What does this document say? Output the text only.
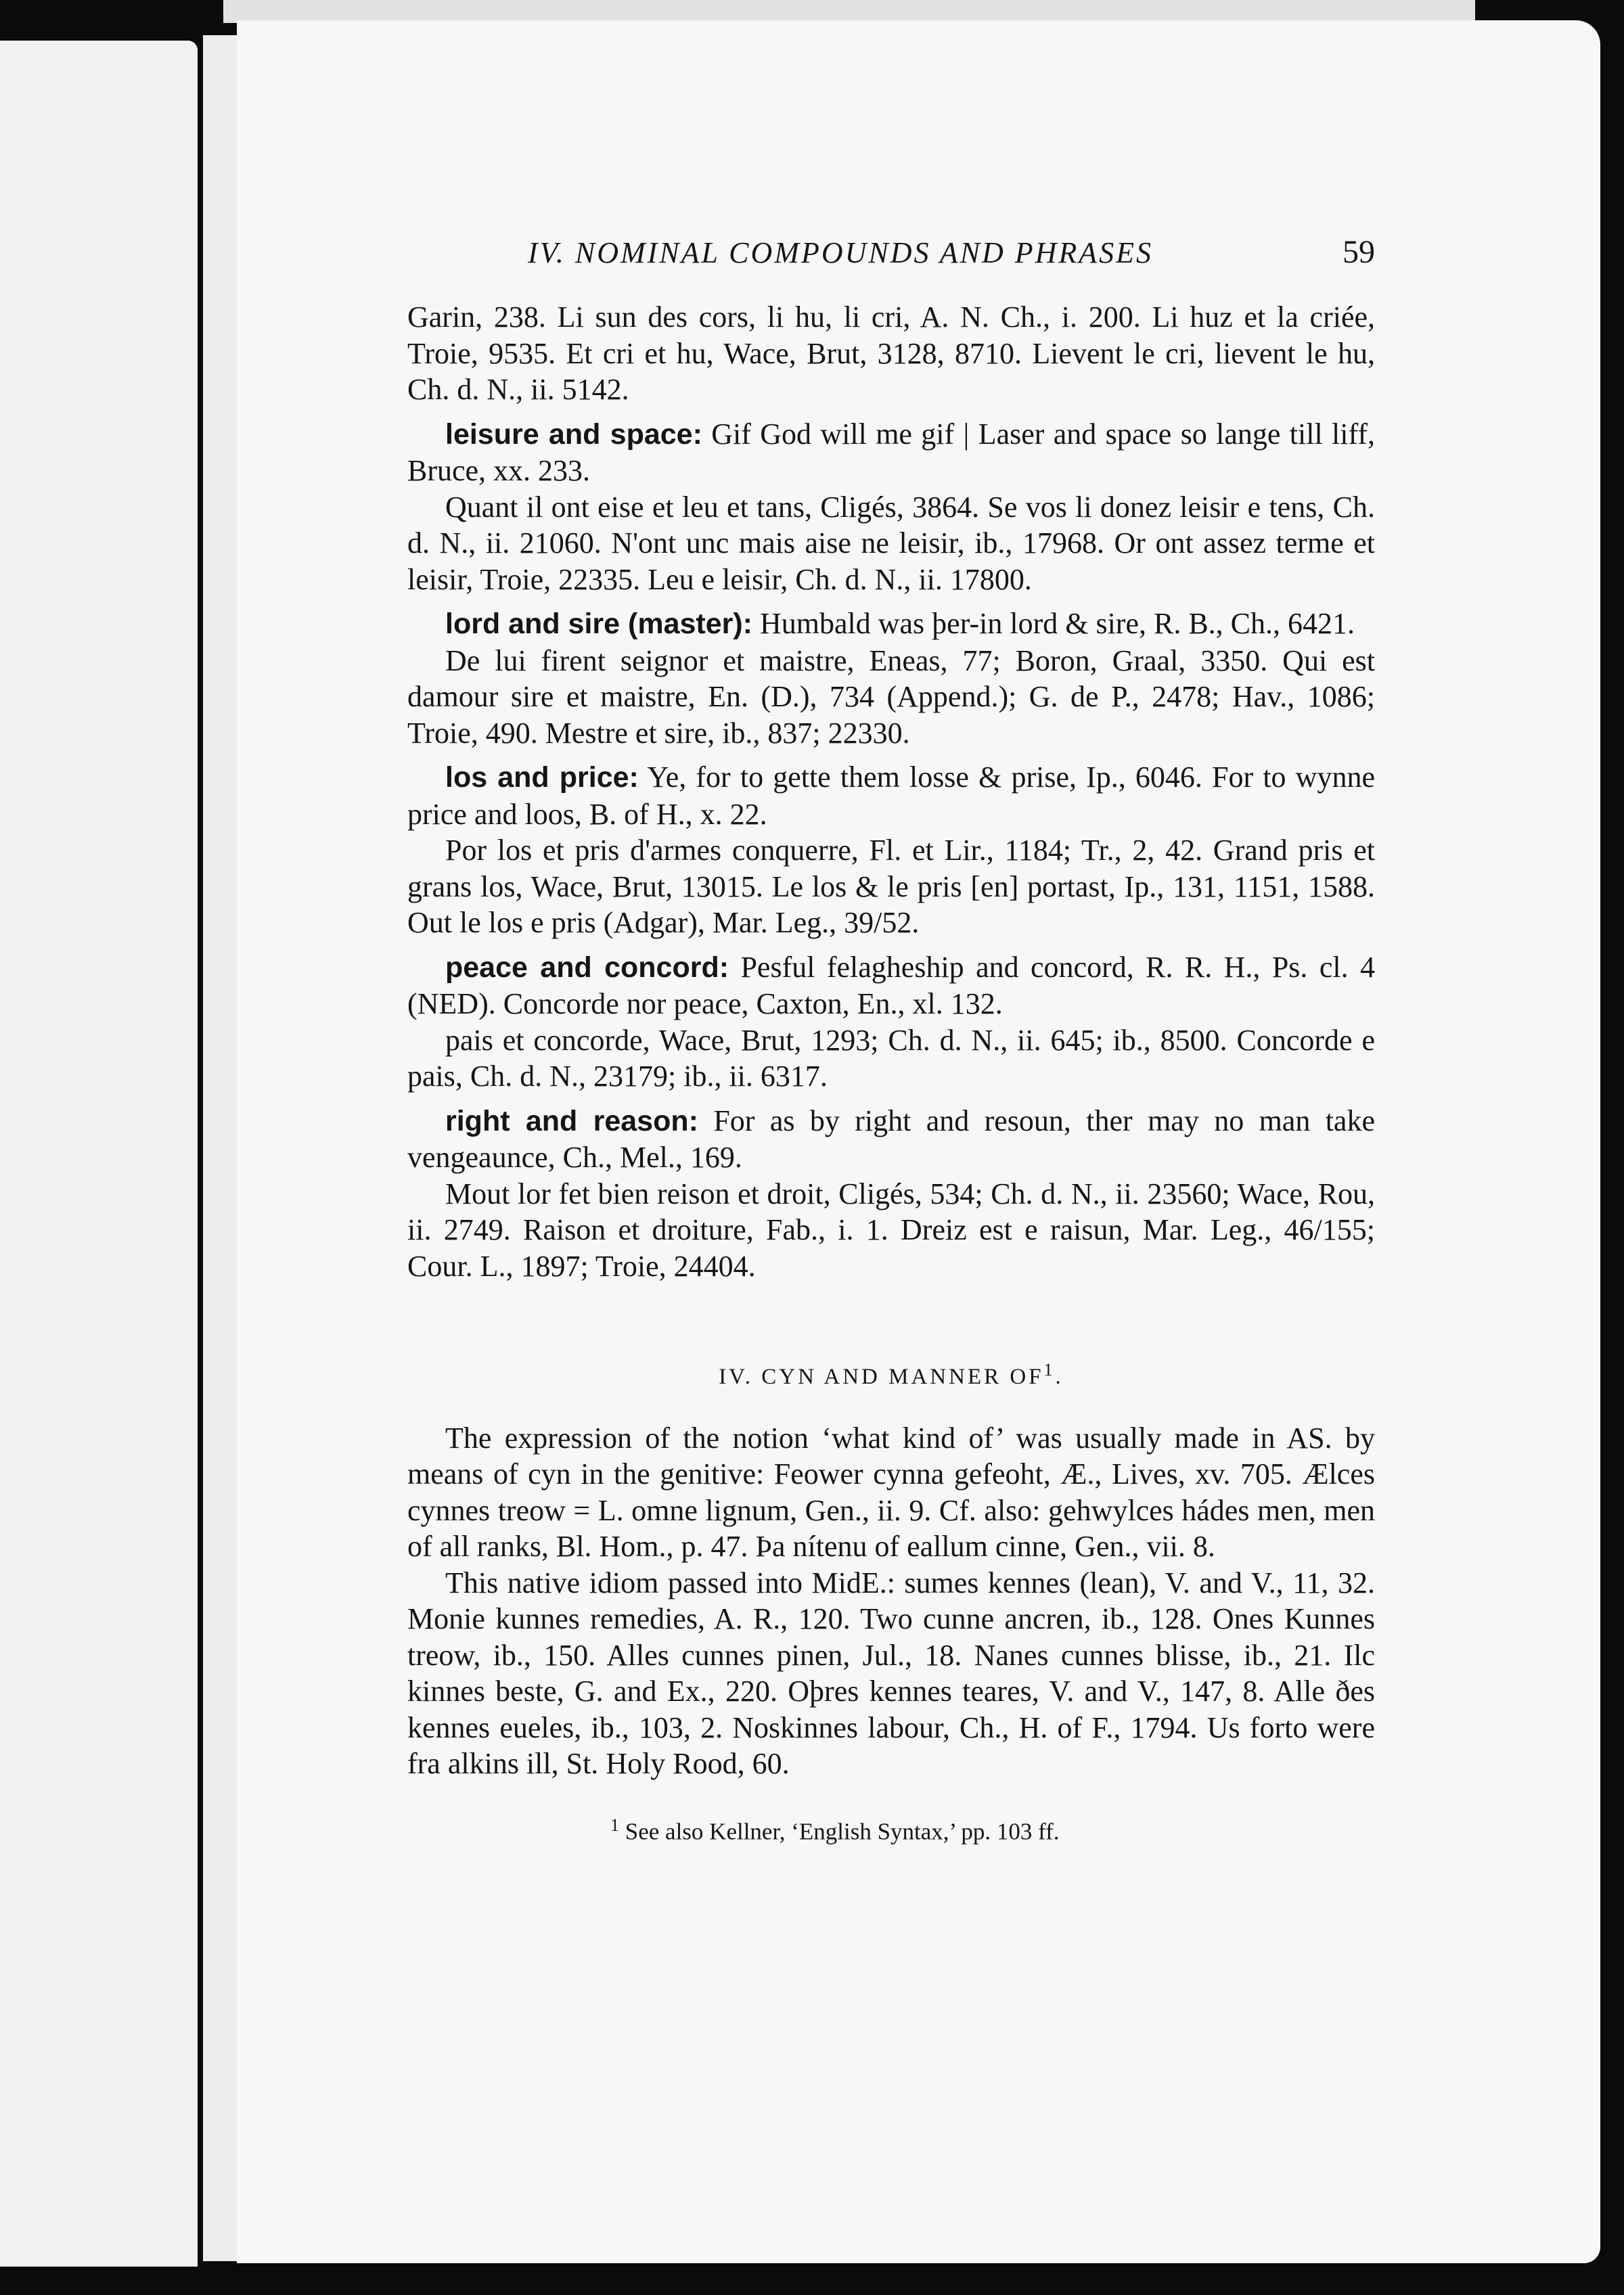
IV. NOMINAL COMPOUNDS AND PHRASES	59

Garin, 238. Li sun des cors, li hu, li cri, A. N. Ch., i. 200. Li huz et la criée, Troie, 9535. Et cri et hu, Wace, Brut, 3128, 8710. Lievent le cri, lievent le hu, Ch. d. N., ii. 5142.

leisure and space: Gif God will me gif | Laser and space so lange till liff, Bruce, xx. 233.

Quant il ont eise et leu et tans, Cligés, 3864. Se vos li donez leisir e tens, Ch. d. N., ii. 21060. N'ont unc mais aise ne leisir, ib., 17968. Or ont assez terme et leisir, Troie, 22335. Leu e leisir, Ch. d. N., ii. 17800.

lord and sire (master): Humbald was þer-in lord & sire, R. B., Ch., 6421.

De lui firent seignor et maistre, Eneas, 77; Boron, Graal, 3350. Qui est damour sire et maistre, En. (D.), 734 (Append.); G. de P., 2478; Hav., 1086; Troie, 490. Mestre et sire, ib., 837; 22330.

los and price: Ye, for to gette them losse & prise, Ip., 6046. For to wynne price and loos, B. of H., x. 22.

Por los et pris d'armes conquerre, Fl. et Lir., 1184; Tr., 2, 42. Grand pris et grans los, Wace, Brut, 13015. Le los & le pris [en] portast, Ip., 131, 1151, 1588. Out le los e pris (Adgar), Mar. Leg., 39/52.

peace and concord: Pesful felagheship and concord, R. R. H., Ps. cl. 4 (NED). Concorde nor peace, Caxton, En., xl. 132.

pais et concorde, Wace, Brut, 1293; Ch. d. N., ii. 645; ib., 8500. Concorde e pais, Ch. d. N., 23179; ib., ii. 6317.

right and reason: For as by right and resoun, ther may no man take vengeaunce, Ch., Mel., 169.

Mout lor fet bien reison et droit, Cligés, 534; Ch. d. N., ii. 23560; Wace, Rou, ii. 2749. Raison et droiture, Fab., i. 1. Dreiz est e raisun, Mar. Leg., 46/155; Cour. L., 1897; Troie, 24404.

IV. CYN AND MANNER $OF^1$.

The expression of the notion ‘what kind of’ was usually made in AS. by means of cyn in the genitive: Feower cynna gefeoht, Æ., Lives, xv. 705. Ælces cynnes treow = L. omne lignum, Gen., ii. 9. Cf. also: gehwylces hádes men, men of all ranks, Bl. Hom., p. 47. Þa nítenu of eallum cinne, Gen., vii. 8.

This native idiom passed into MidE.: sumes kennes (lean), V. and V., 11, 32. Monie kunnes remedies, A. R., 120. Two cunne ancren, ib., 128. Ones Kunnes treow, ib., 150. Alles cunnes pinen, Jul., 18. Nanes cunnes blisse, ib., 21. Ilc kinnes beste, G. and Ex., 220. Oþres kennes teares, V. and V., 147, 8. Alle ðes kennes eueles, ib., 103, 2. Noskinnes labour, Ch., H. of F., 1794. Us forto were fra alkins ill, St. Holy Rood, 60.

$^1$ See also Kellner, ‘English Syntax,’ pp. 103 ff.
